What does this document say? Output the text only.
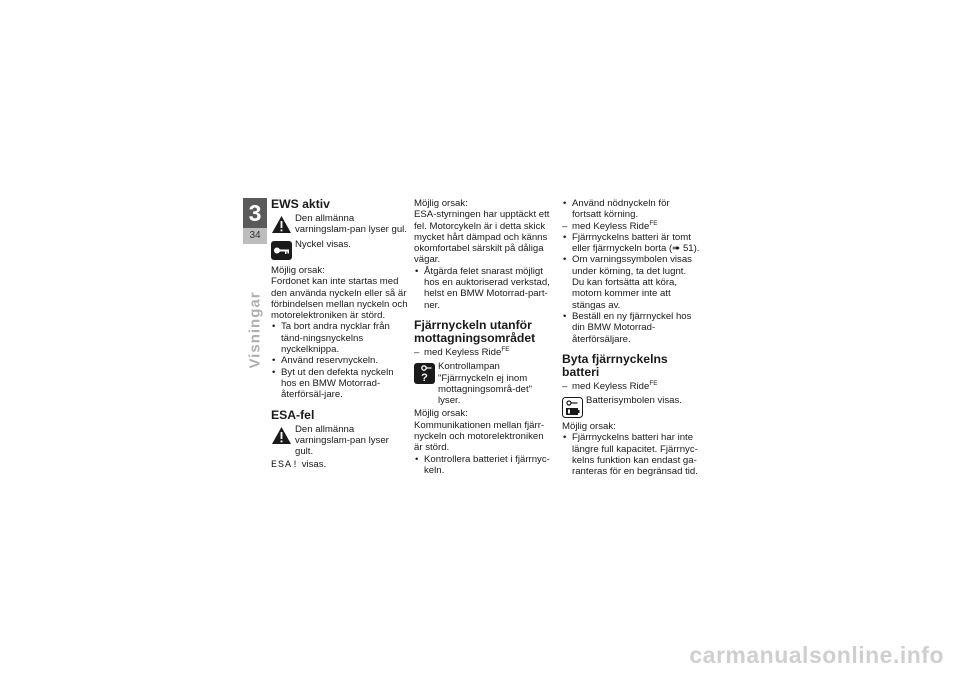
3
34
Visningar
EWS aktiv
Den allmänna varningslam-pan lyser gul.
Nyckel visas.

Möjlig orsak:

Fordonet kan inte startas med den använda nyckeln eller så är förbindelsen mellan nyckeln och motorelektroniken är störd.

• Ta bort andra nycklar från tänd-ningsnyckelns nyckelknippa.
• Använd reservnyckeln.
• Byt ut den defekta nyckeln hos en BMW Motorrad-återförsäl-jare.
ESA-fel
Den allmänna varningslam-pan lyser gult.

ESA! visas.

Möjlig orsak:

ESA-styrningen har upptäckt ett fel. Motorcykeln är i detta skick mycket hårt dämpad och känns okomfortabel särskilt på dåliga vägar.

• Åtgärda felet snarast möjligt hos en auktoriserad verkstad, helst en BMW Motorrad-part-ner.
Fjärrnyckeln utanför mottagningsområdet

– med Keyless Ride$^{FE}$

?
Kontrollampan "Fjärrnyckeln ej inom mottagningsområ-det" lyser.

Möjlig orsak:

Kommunikationen mellan fjärr-nyckeln och motorelektroniken är störd.

• Kontrollera batteriet i fjärrnyc-keln.
• Använd nödnyckeln för fortsatt körning.

– med Keyless Ride$^{FE}$

• Fjärrnyckelns batteri är tomt eller fjärrnyckeln borta (➠ 51).
• Om varningssymbolen visas under körning, ta det lugnt. Du kan fortsätta att köra, motorn kommer inte att stängas av.
• Beställ en ny fjärrnyckel hos din BMW Motorrad-återförsäljare.
Byta fjärrnyckelns batteri

– med Keyless Ride$^{FE}$

Batterisymbolen visas.

Möjlig orsak:

• Fjärrnyckelns batteri har inte längre full kapacitet. Fjärrnyc-kelns funktion kan endast ga-ranteras för en begränsad tid.
carmanualsonline.info
